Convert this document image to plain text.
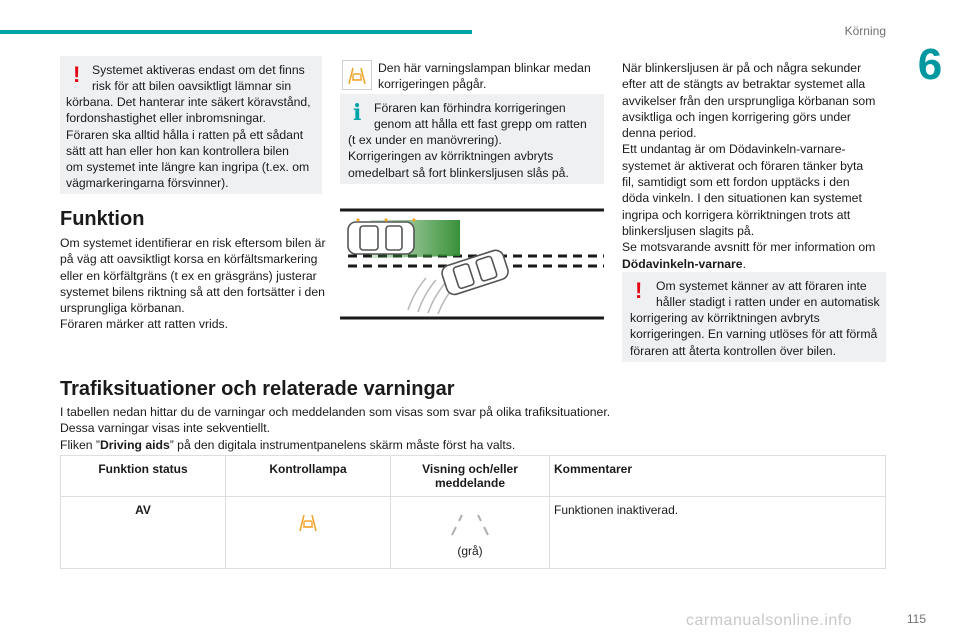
Körning
6
! Systemet aktiveras endast om det finns
risk för att bilen oavsiktligt lämnar sin
körbana. Det hanterar inte säkert köravstånd,
fordonshastighet eller inbromsningar.
Föraren ska alltid hålla i ratten på ett sådant
sätt att han eller hon kan kontrollera bilen
om systemet inte längre kan ingripa (t.ex. om
vägmarkeringarna försvinner).
Funktion
Om systemet identifierar en risk eftersom bilen är
på väg att oavsiktligt korsa en körfältsmarkering
eller en körfältgräns (t ex en gräsgräns) justerar
systemet bilens riktning så att den fortsätter i den
ursprungliga körbanan.
Föraren märker att ratten vrids.
Den här varningslampan blinkar medan
korrigeringen pågår.
i Föraren kan förhindra korrigeringen
genom att hålla ett fast grepp om ratten
(t ex under en manövrering).
Korrigeringen av körriktningen avbryts
omedelbart så fort blinkersljusen slås på.
När blinkersljusen är på och några sekunder
efter att de stängts av betraktar systemet alla
avvikelser från den ursprungliga körbanan som
avsiktliga och ingen korrigering görs under
denna period.
Ett undantag är om Dödavinkeln-varnare-
systemet är aktiverat och föraren tänker byta
fil, samtidigt som ett fordon upptäcks i den
döda vinkeln. I den situationen kan systemet
ingripa och korrigera körriktningen trots att
blinkersljusen slagits på.
Se motsvarande avsnitt för mer information om
Dödavinkeln-varnare.
! Om systemet känner av att föraren inte
håller stadigt i ratten under en automatisk
korrigering av körriktningen avbryts
korrigeringen. En varning utlöses för att förmå
föraren att återta kontrollen över bilen.
Trafiksituationer och relaterade varningar
I tabellen nedan hittar du de varningar och meddelanden som visas som svar på olika trafiksituationer.
Dessa varningar visas inte sekventiellt.
Fliken ”Driving aids” på den digitala instrumentpanelens skärm måste först ha valts.
Funktion status	Kontrollampa	Visning och/eller meddelande	Kommentarer
AV		(grå)	Funktionen inaktiverad.
carmanualsonline.info	115
